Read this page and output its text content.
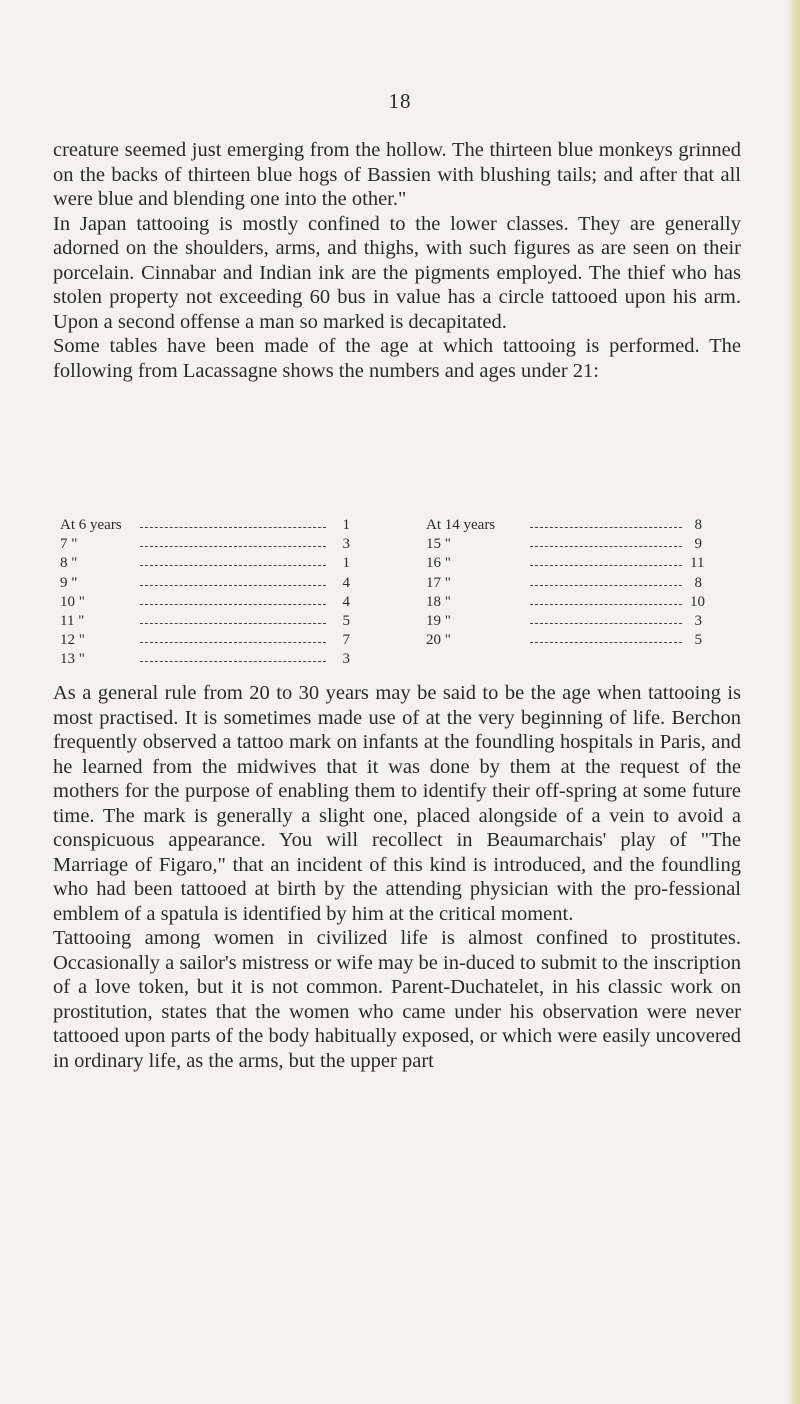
18

creature seemed just emerging from the hollow. The thirteen blue monkeys grinned on the backs of thirteen blue hogs of Bassien with blushing tails; and after that all were blue and blending one into the other."

In Japan tattooing is mostly confined to the lower classes. They are generally adorned on the shoulders, arms, and thighs, with such figures as are seen on their porcelain. Cinnabar and Indian ink are the pigments employed. The thief who has stolen property not exceeding 60 bus in value has a circle tattooed upon his arm. Upon a second offense a man so marked is decapitated.

Some tables have been made of the age at which tattooing is performed. The following from Lacassagne shows the numbers and ages under 21:

At 6 years	1
7 "	3
8 "	1
9 "	4
10 "	4
11 "	5
12 "	7
13 "	3
At 14 years	8
15 "	9
16 "	11
17 "	8
18 "	10
19 "	3
20 "	5

As a general rule from 20 to 30 years may be said to be the age when tattooing is most practised. It is sometimes made use of at the very beginning of life. Berchon frequently observed a tattoo mark on infants at the foundling hospitals in Paris, and he learned from the midwives that it was done by them at the request of the mothers for the purpose of enabling them to identify their off-spring at some future time. The mark is generally a slight one, placed alongside of a vein to avoid a conspicuous appearance. You will recollect in Beaumarchais' play of "The Marriage of Figaro," that an incident of this kind is introduced, and the foundling who had been tattooed at birth by the attending physician with the pro-fessional emblem of a spatula is identified by him at the critical moment.

Tattooing among women in civilized life is almost confined to prostitutes. Occasionally a sailor's mistress or wife may be in-duced to submit to the inscription of a love token, but it is not common. Parent-Duchatelet, in his classic work on prostitution, states that the women who came under his observation were never tattooed upon parts of the body habitually exposed, or which were easily uncovered in ordinary life, as the arms, but the upper part
